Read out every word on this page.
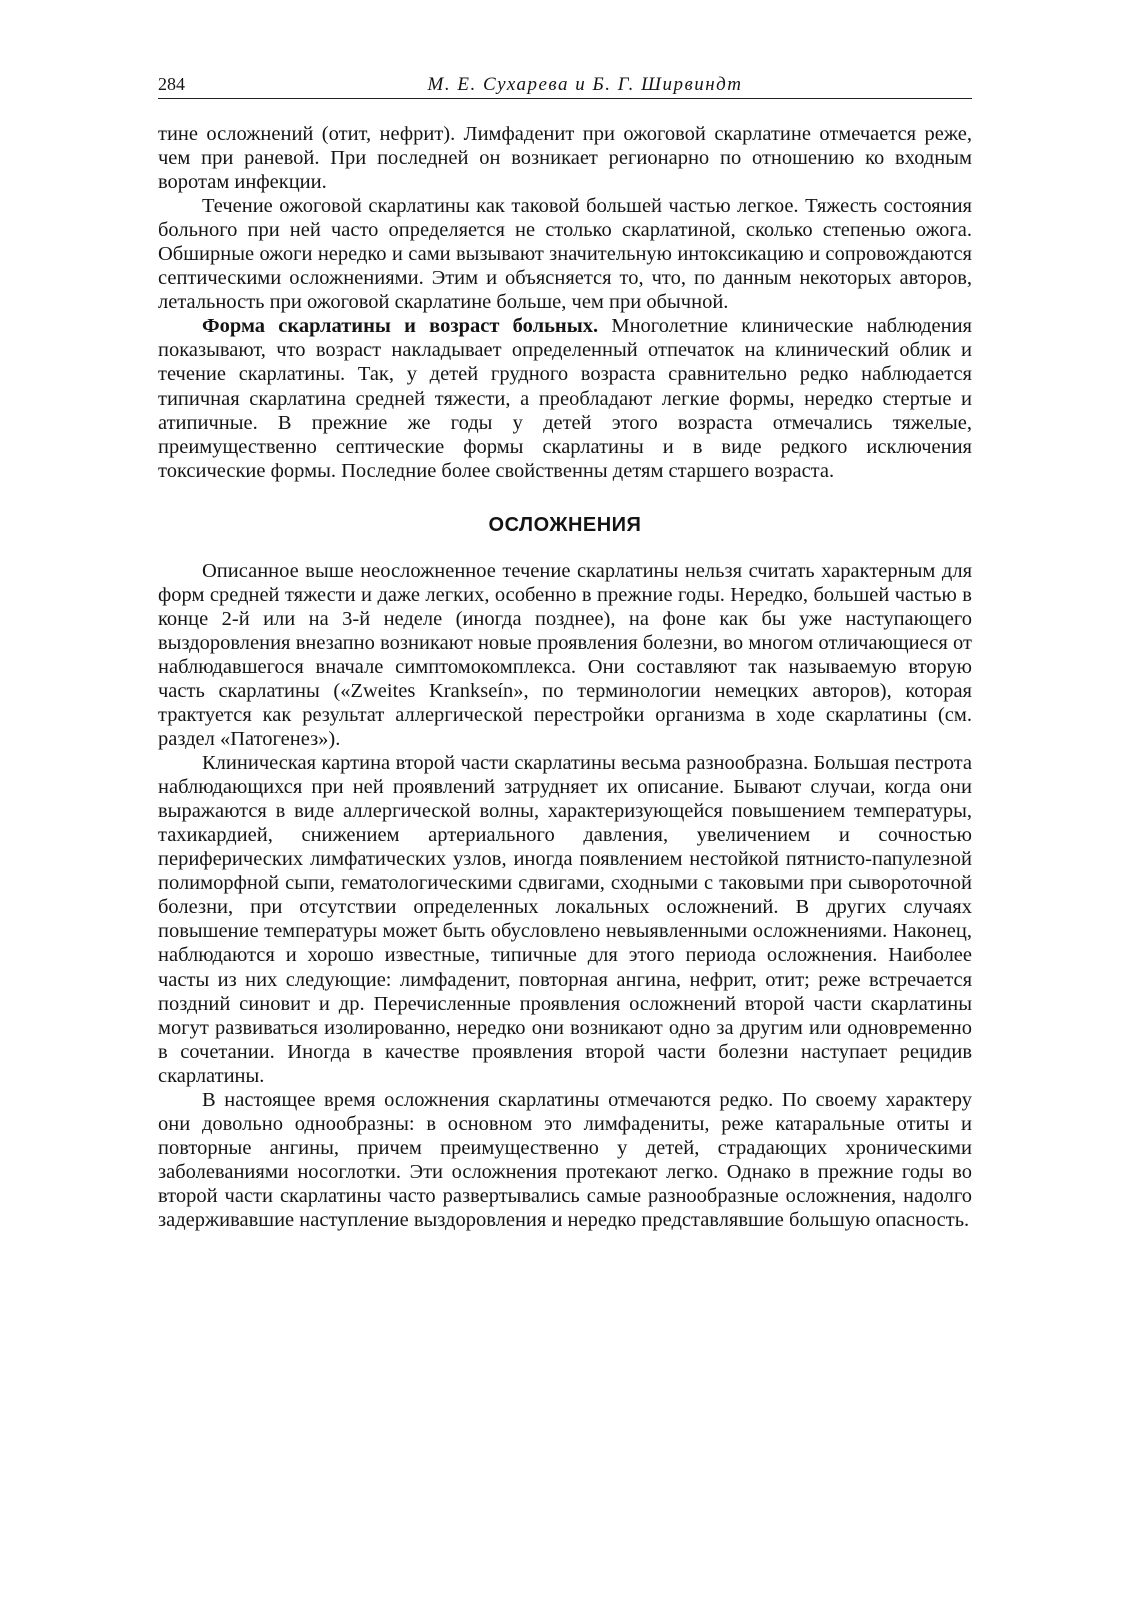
284	М. Е. Сухарева и Б. Г. Ширвиндт

тине осложнений (отит, нефрит). Лимфаденит при ожоговой скарлатине отмечается реже, чем при раневой. При последней он возникает регионарно по отношению ко входным воротам инфекции.

Течение ожоговой скарлатины как таковой большей частью легкое. Тяжесть состояния больного при ней часто определяется не столько скарлатиной, сколько степенью ожога. Обширные ожоги нередко и сами вызывают значительную интоксикацию и сопровождаются септическими осложнениями. Этим и объясняется то, что, по данным некоторых авторов, летальность при ожоговой скарлатине больше, чем при обычной.

Форма скарлатины и возраст больных. Многолетние клинические наблюдения показывают, что возраст накладывает определенный отпечаток на клинический облик и течение скарлатины. Так, у детей грудного возраста сравнительно редко наблюдается типичная скарлатина средней тяжести, а преобладают легкие формы, нередко стертые и атипичные. В прежние же годы у детей этого возраста отмечались тяжелые, преимущественно септические формы скарлатины и в виде редкого исключения токсические формы. Последние более свойственны детям старшего возраста.

ОСЛОЖНЕНИЯ

Описанное выше неосложненное течение скарлатины нельзя считать характерным для форм средней тяжести и даже легких, особенно в прежние годы. Нередко, большей частью в конце 2-й или на 3-й неделе (иногда позднее), на фоне как бы уже наступающего выздоровления внезапно возникают новые проявления болезни, во многом отличающиеся от наблюдавшегося вначале симптомокомплекса. Они составляют так называемую вторую часть скарлатины («Zweites Krankseín», по терминологии немецких авторов), которая трактуется как результат аллергической перестройки организма в ходе скарлатины (см. раздел «Патогенез»).

Клиническая картина второй части скарлатины весьма разнообразна. Большая пестрота наблюдающихся при ней проявлений затрудняет их описание. Бывают случаи, когда они выражаются в виде аллергической волны, характеризующейся повышением температуры, тахикардией, снижением артериального давления, увеличением и сочностью периферических лимфатических узлов, иногда появлением нестойкой пятнисто-папулезной полиморфной сыпи, гематологическими сдвигами, сходными с таковыми при сывороточной болезни, при отсутствии определенных локальных осложнений. В других случаях повышение температуры может быть обусловлено невыявленными осложнениями. Наконец, наблюдаются и хорошо известные, типичные для этого периода осложнения. Наиболее часты из них следующие: лимфаденит, повторная ангина, нефрит, отит; реже встречается поздний синовит и др. Перечисленные проявления осложнений второй части скарлатины могут развиваться изолированно, нередко они возникают одно за другим или одновременно в сочетании. Иногда в качестве проявления второй части болезни наступает рецидив скарлатины.

В настоящее время осложнения скарлатины отмечаются редко. По своему характеру они довольно однообразны: в основном это лимфадениты, реже катаральные отиты и повторные ангины, причем преимущественно у детей, страдающих хроническими заболеваниями носоглотки. Эти осложнения протекают легко. Однако в прежние годы во второй части скарлатины часто развертывались самые разнообразные осложнения, надолго задерживавшие наступление выздоровления и нередко представлявшие большую опасность.
